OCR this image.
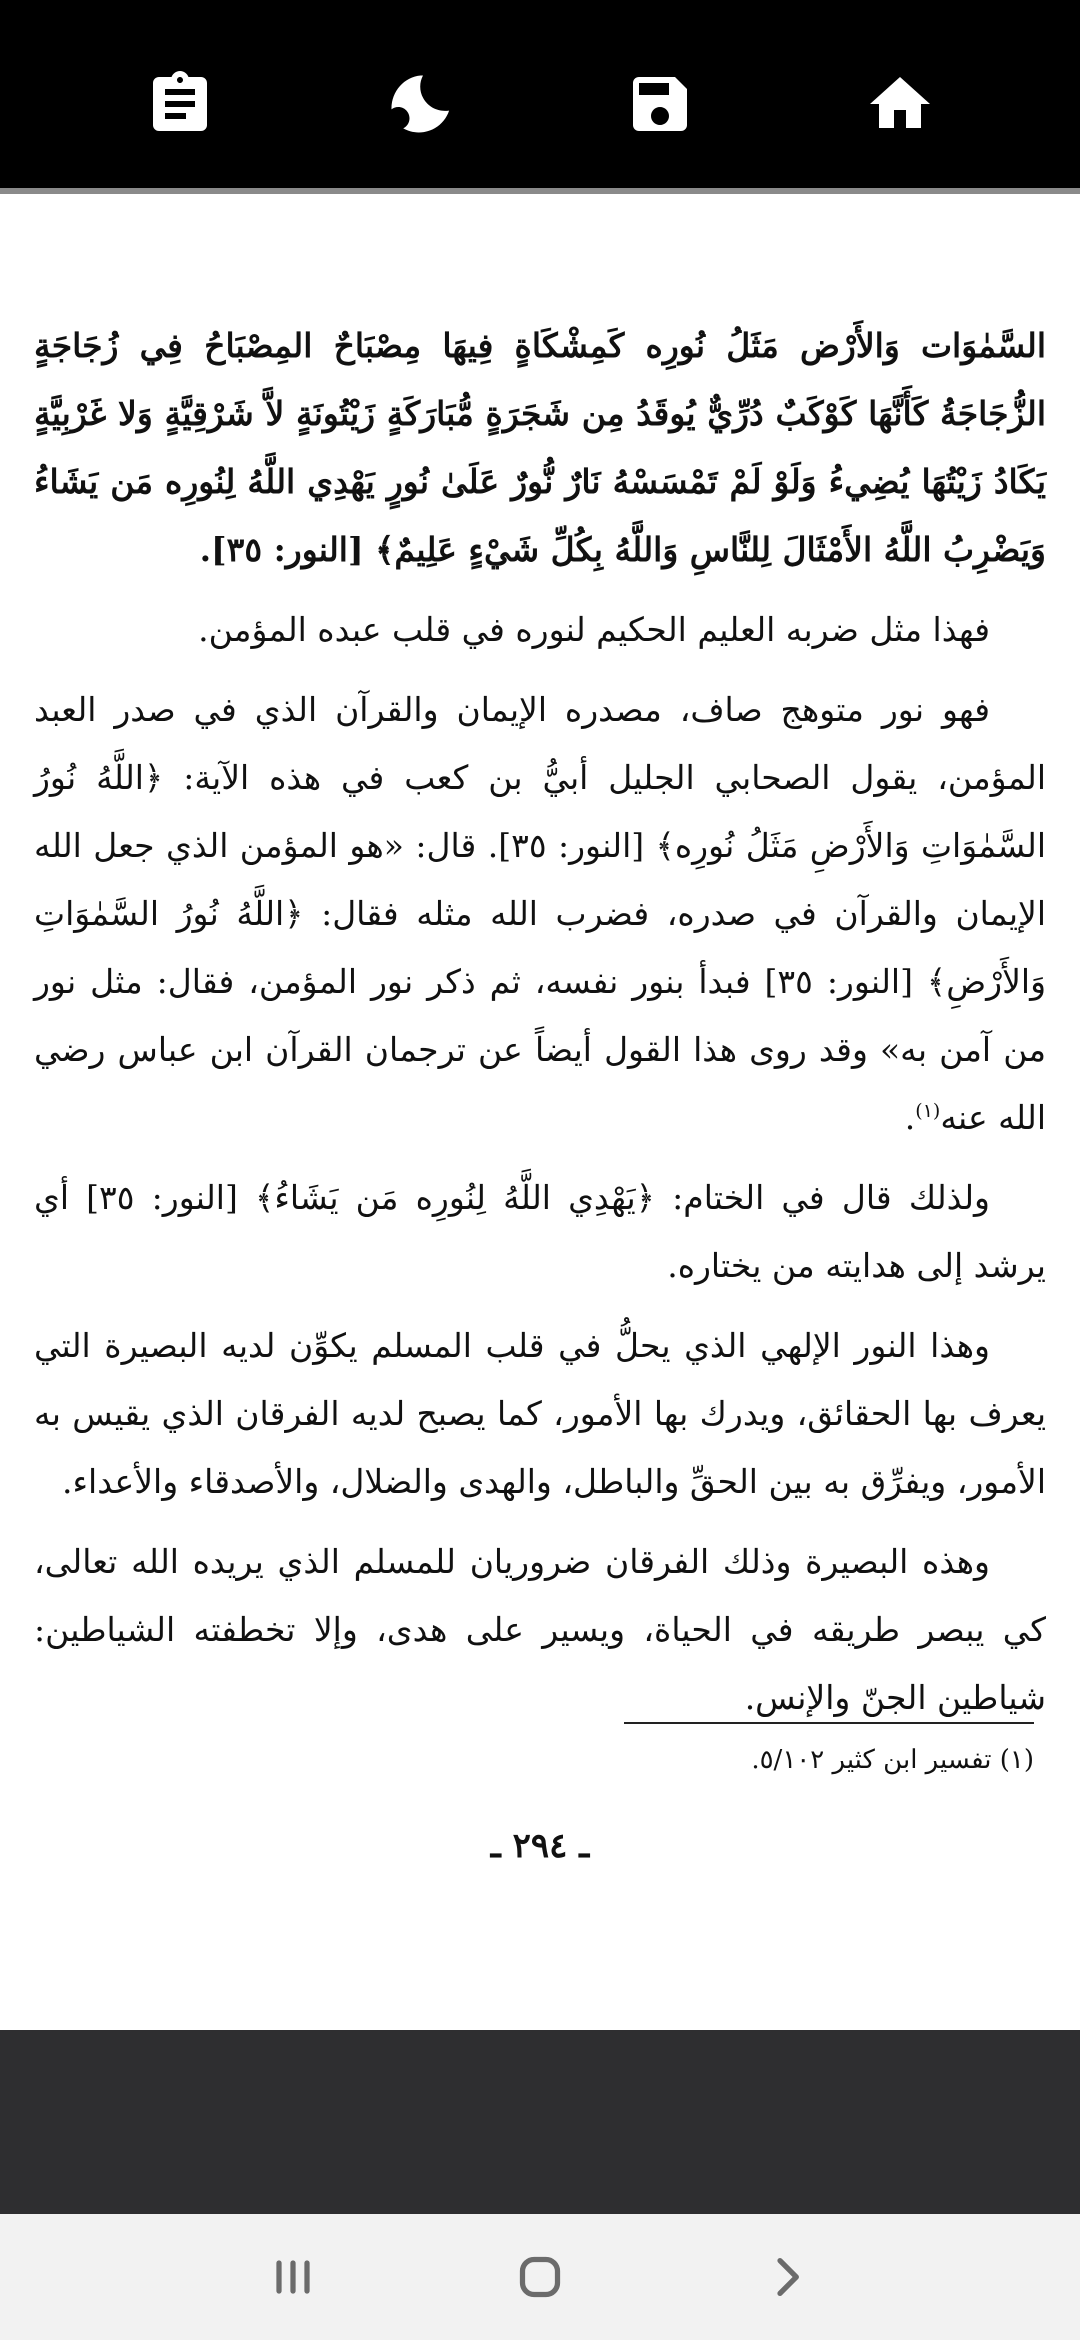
السَّمٰوَات وَالأَرْض مَثَلُ نُورِه كَمِشْكَاةٍ فِيهَا مِصْبَاحٌ المِصْبَاحُ فِي زُجَاجَةٍ الزُّجَاجَةُ كَأَنَّهَا كَوْكَبٌ دُرِّيٌّ يُوقَدُ مِن شَجَرَةٍ مُّبَارَكَةٍ زَيْتُونَةٍ لاَّ شَرْقِيَّةٍ وَلا غَرْبِيَّةٍ يَكَادُ زَيْتُهَا يُضِيءُ وَلَوْ لَمْ تَمْسَسْهُ نَارٌ نُّورٌ عَلَىٰ نُورٍ يَهْدِي اللَّهُ لِنُورِه مَن يَشَاءُ وَيَضْرِبُ اللَّهُ الأَمْثَالَ لِلنَّاسِ وَاللَّهُ بِكُلِّ شَيْءٍ عَلِيمٌ﴾ [النور: ٣٥].

فهذا مثل ضربه العليم الحكيم لنوره في قلب عبده المؤمن.

فهو نور متوهج صاف، مصدره الإيمان والقرآن الذي في صدر العبد المؤمن، يقول الصحابي الجليل أبيُّ بن كعب في هذه الآية: ﴿اللَّهُ نُورُ السَّمٰوَاتِ وَالأَرْضِ مَثَلُ نُورِه﴾ [النور: ٣٥]. قال: «هو المؤمن الذي جعل الله الإيمان والقرآن في صدره، فضرب الله مثله فقال: ﴿اللَّهُ نُورُ السَّمٰوَاتِ وَالأَرْضِ﴾ [النور: ٣٥] فبدأ بنور نفسه، ثم ذكر نور المؤمن، فقال: مثل نور من آمن به» وقد روى هذا القول أيضاً عن ترجمان القرآن ابن عباس رضي الله عنه$^{(١)}$.

ولذلك قال في الختام: ﴿يَهْدِي اللَّهُ لِنُورِه مَن يَشَاءُ﴾ [النور: ٣٥] أي يرشد إلى هدايته من يختاره.

وهذا النور الإلهي الذي يحلُّ في قلب المسلم يكوِّن لديه البصيرة التي يعرف بها الحقائق، ويدرك بها الأمور، كما يصبح لديه الفرقان الذي يقيس به الأمور، ويفرِّق به بين الحقِّ والباطل، والهدى والضلال، والأصدقاء والأعداء.

وهذه البصيرة وذلك الفرقان ضروريان للمسلم الذي يريده الله تعالى، كي يبصر طريقه في الحياة، ويسير على هدى، وإلا تخطفته الشياطين: شياطين الجنّ والإنس.

(١) تفسير ابن كثير ٥/١٠٢.
ـ ٢٩٤ ـ
